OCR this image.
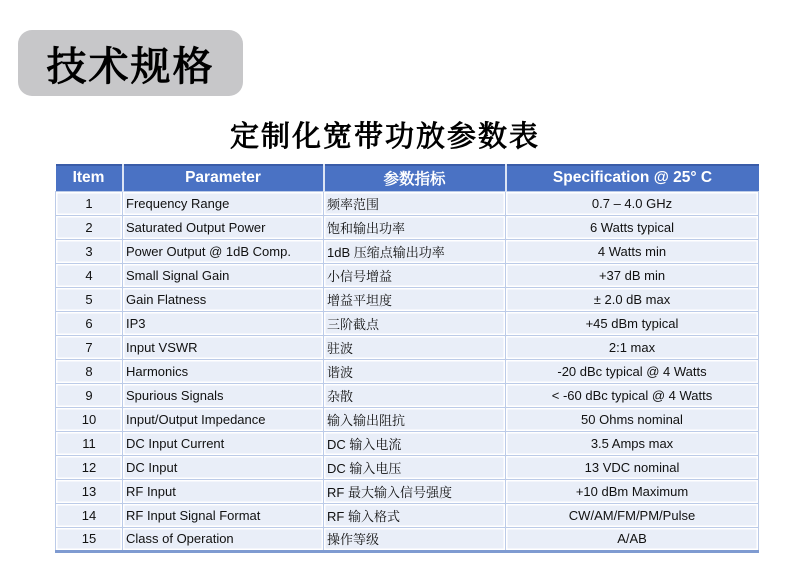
技术规格
定制化宽带功放参数表
Item	Parameter	参数指标	Specification @ 25° C
1	Frequency Range	频率范围	0.7 – 4.0 GHz
2	Saturated Output Power	饱和输出功率	6 Watts typical
3	Power Output @ 1dB Comp.	1dB 压缩点输出功率	4 Watts min
4	Small Signal Gain	小信号增益	+37 dB min
5	Gain Flatness	增益平坦度	± 2.0 dB max
6	IP3	三阶截点	+45 dBm typical
7	Input VSWR	驻波	2:1 max
8	Harmonics	谐波	-20 dBc typical @ 4 Watts
9	Spurious Signals	杂散	< -60 dBc typical @ 4 Watts
10	Input/Output Impedance	输入输出阻抗	50 Ohms nominal
11	DC Input Current	DC 输入电流	3.5 Amps max
12	DC Input	DC 输入电压	13 VDC nominal
13	RF Input	RF 最大输入信号强度	+10 dBm Maximum
14	RF Input Signal Format	RF 输入格式	CW/AM/FM/PM/Pulse
15	Class of Operation	操作等级	A/AB
